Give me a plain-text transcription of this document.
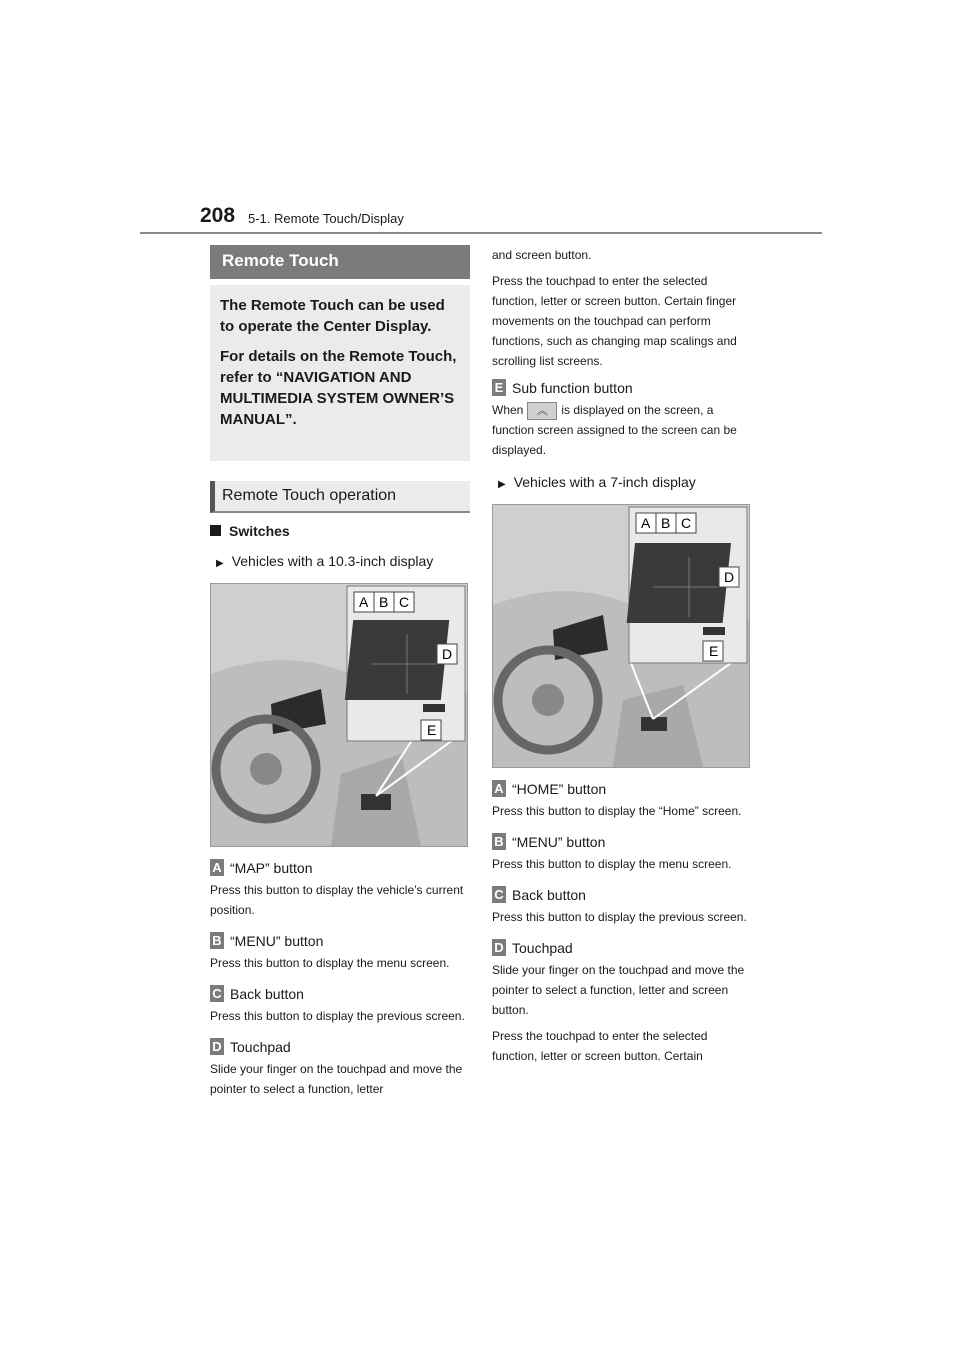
208 5-1. Remote Touch/Display
Remote Touch

The Remote Touch can be used to operate the Center Display.

For details on the Remote Touch, refer to “NAVIGATION AND MULTIMEDIA SYSTEM OWNER’S MANUAL”.

Remote Touch operation
Switches
▶ Vehicles with a 10.3-inch display
A B C
D
E
A “MAP” button

Press this button to display the vehicle’s current position.

B “MENU” button

Press this button to display the menu screen.

C Back button

Press this button to display the previous screen.

D Touchpad

Slide your finger on the touchpad and move the pointer to select a function, letter

and screen button.

Press the touchpad to enter the selected function, letter or screen button. Certain finger movements on the touchpad can perform functions, such as changing map scalings and scrolling list screens.

E Sub function button

When ︽ is displayed on the screen, a function screen assigned to the screen can be displayed.

▶ Vehicles with a 7-inch display
A B C
D
E
A “HOME” button

Press this button to display the “Home” screen.

B “MENU” button

Press this button to display the menu screen.

C Back button

Press this button to display the previous screen.

D Touchpad

Slide your finger on the touchpad and move the pointer to select a function, letter and screen button.

Press the touchpad to enter the selected function, letter or screen button. Certain
